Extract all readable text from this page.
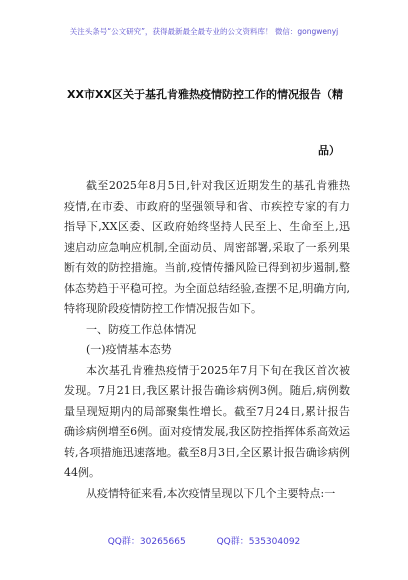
关注头条号“公文研究”，获得最新最全最专业的公文资料库！ 微信：gongwenyj
XX市XX区关于基孔肯雅热疫情防控工作的情况报告（精
品）

截至2025年8月5日,针对我区近期发生的基孔肯雅热疫情,在市委、市政府的坚强领导和省、市疾控专家的有力指导下,XX区委、区政府始终坚持人民至上、生命至上,迅速启动应急响应机制,全面动员、周密部署,采取了一系列果断有效的防控措施。当前,疫情传播风险已得到初步遏制,整体态势趋于平稳可控。为全面总结经验,查摆不足,明确方向,特将现阶段疫情防控工作情况报告如下。

一、防疫工作总体情况

(一)疫情基本态势

本次基孔肯雅热疫情于2025年7月下旬在我区首次被发现。7月21日,我区累计报告确诊病例3例。随后,病例数量呈现短期内的局部聚集性增长。截至7月24日,累计报告确诊病例增至6例。面对疫情发展,我区防控指挥体系高效运转,各项措施迅速落地。截至8月3日,全区累计报告确诊病例44例。

从疫情特征来看,本次疫情呈现以下几个主要特点:一

QQ群：30265665	QQ群：535304092
